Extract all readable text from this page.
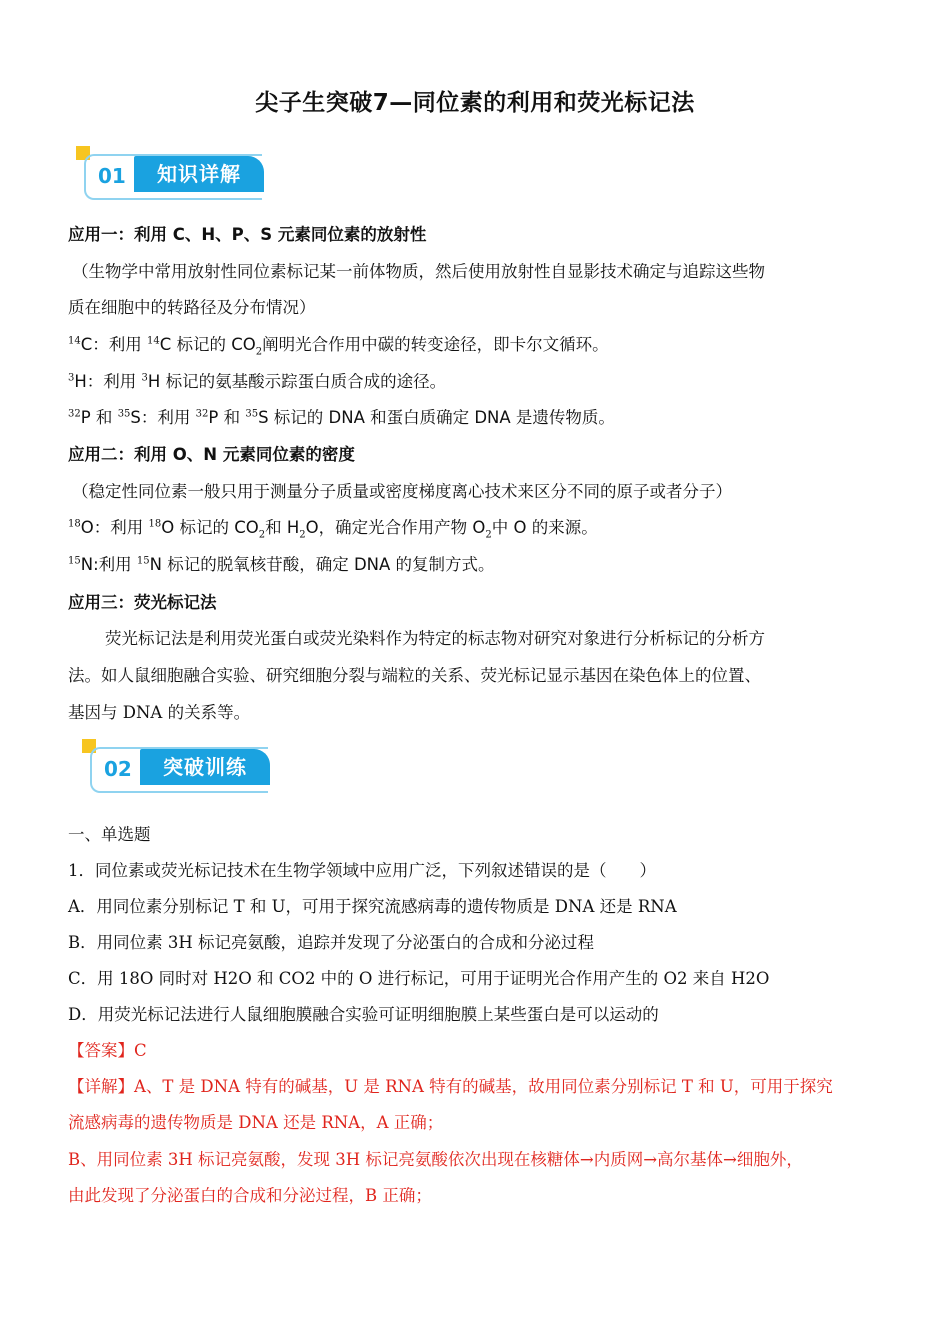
尖子生突破7—同位素的利用和荧光标记法
01	知识详解
应用一：利用 C、H、P、S 元素同位素的放射性
（生物学中常用放射性同位素标记某一前体物质，然后使用放射性自显影技术确定与追踪这些物
质在细胞中的转路径及分布情况）
$^{14}$C：利用 $^{14}$C 标记的 $CO_2$阐明光合作用中碳的转变途径，即卡尔文循环。
$^3$H：利用 $^3$H 标记的氨基酸示踪蛋白质合成的途径。
$^{32}$P 和 $^{35}$S：利用 $^{32}$P 和 $^{35}$S 标记的 DNA 和蛋白质确定 DNA 是遗传物质。
应用二：利用 O、N 元素同位素的密度
（稳定性同位素一般只用于测量分子质量或密度梯度离心技术来区分不同的原子或者分子）
$^{18}$O：利用 $^{18}$O 标记的 $CO_2$和 $H_2O$，确定光合作用产物 $O_2$中 O 的来源。
$^{15}$N:利用 $^{15}$N 标记的脱氧核苷酸，确定 DNA 的复制方式。
应用三：荧光标记法
荧光标记法是利用荧光蛋白或荧光染料作为特定的标志物对研究对象进行分析标记的分析方
法。如人鼠细胞融合实验、研究细胞分裂与端粒的关系、荧光标记显示基因在染色体上的位置、
基因与 DNA 的关系等。
02	突破训练
一、单选题
1．同位素或荧光标记技术在生物学领域中应用广泛，下列叙述错误的是（　　）
A．用同位素分别标记 T 和 U，可用于探究流感病毒的遗传物质是 DNA 还是 RNA
B．用同位素 3H 标记亮氨酸，追踪并发现了分泌蛋白的合成和分泌过程
C．用 18O 同时对 H2O 和 CO2 中的 O 进行标记，可用于证明光合作用产生的 O2 来自 H2O
D．用荧光标记法进行人鼠细胞膜融合实验可证明细胞膜上某些蛋白是可以运动的
【答案】C
【详解】A、T 是 DNA 特有的碱基，U 是 RNA 特有的碱基，故用同位素分别标记 T 和 U，可用于探究
流感病毒的遗传物质是 DNA 还是 RNA，A 正确；
B、用同位素 3H 标记亮氨酸，发现 3H 标记亮氨酸依次出现在核糖体→内质网→高尔基体→细胞外，
由此发现了分泌蛋白的合成和分泌过程，B 正确；
